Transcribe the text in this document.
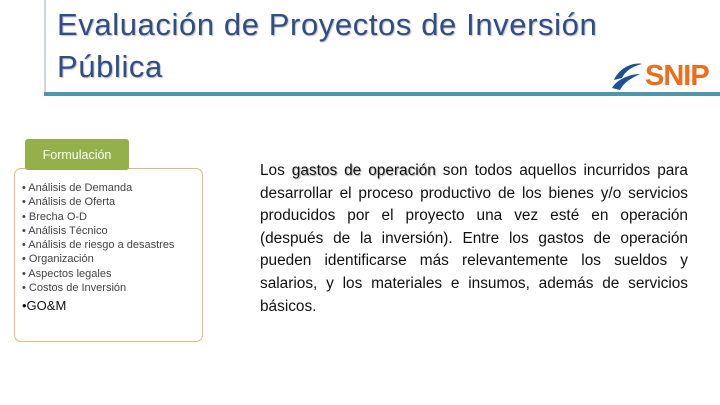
Evaluación de Proyectos de Inversión Pública	SNIP
• Análisis de Demanda
• Análisis de Oferta
• Brecha O-D
• Análisis Técnico
• Análisis de riesgo a desastres
• Organización
• Aspectos legales
• Costos de Inversión
•GO&M
Formulación
Los gastos de operación son todos aquellos incurridos para desarrollar el proceso productivo de los bienes y/o servicios producidos por el proyecto una vez esté en operación (después de la inversión). Entre los gastos de operación pueden identificarse más relevantemente los sueldos y salarios, y los materiales e insumos, además de servicios básicos.
